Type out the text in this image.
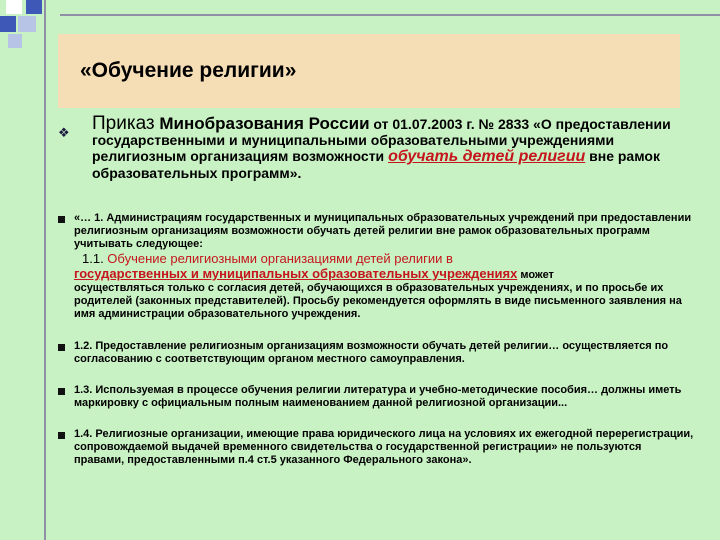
«Обучение религии»
❖ Приказ Минобразования России от 01.07.2003 г. № 2833 «О предоставлении государственными и муниципальными образовательными учреждениями религиозным организациям возможности обучать детей религии вне рамок образовательных программ».
«… 1. Администрациям государственных и муниципальных образовательных учреждений при предоставлении религиозным организациям возможности обучать детей религии вне рамок образовательных программ учитывать следующее:
1.1. Обучение религиозными организациями детей религии в
государственных и муниципальных образовательных учреждениях может
осуществляться только с согласия детей, обучающихся в образовательных учреждениях, и по просьбе их родителей (законных представителей). Просьбу рекомендуется оформлять в виде письменного заявления на имя администрации образовательного учреждения.
1.2. Предоставление религиозным организациям возможности обучать детей религии… осуществляется по согласованию с соответствующим органом местного самоуправления.
1.3. Используемая в процессе обучения религии литература и учебно-методические пособия… должны иметь маркировку с официальным полным наименованием данной религиозной организации...
1.4. Религиозные организации, имеющие права юридического лица на условиях их ежегодной перерегистрации, сопровождаемой выдачей временного свидетельства о государственной регистрации» не пользуются правами, предоставленными п.4 ст.5 указанного Федерального закона».
